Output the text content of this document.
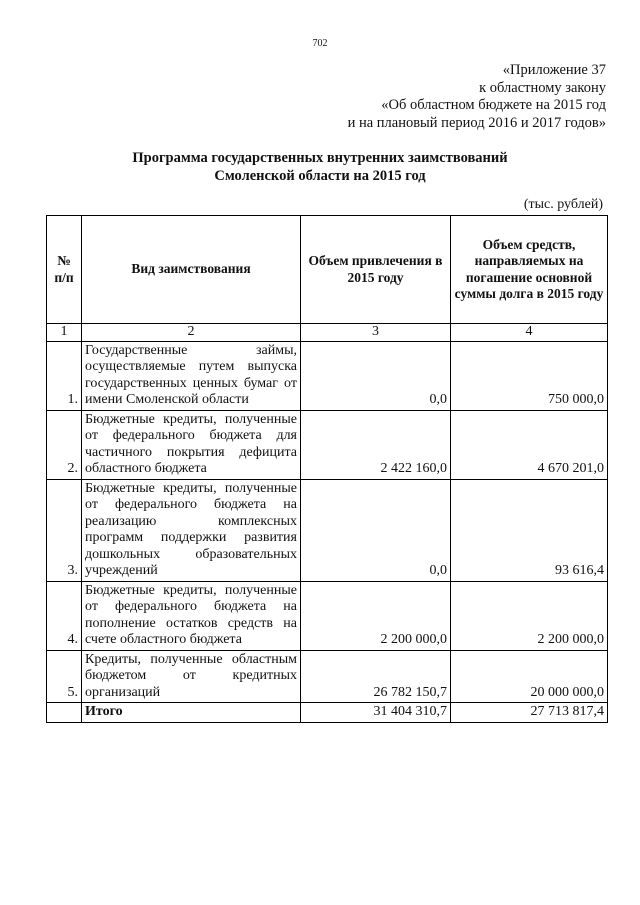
702
«Приложение 37
к областному закону
«Об областном бюджете на 2015 год
и на плановый период 2016 и 2017 годов»
Программа государственных внутренних заимствований
Смоленской области на 2015 год
(тыс. рублей)
№ п/п	Вид заимствования	Объем привлечения в 2015 году	Объем средств, направляемых на погашение основной суммы долга в 2015 году
1	2	3	4
1.	Государственные займы, осуществляемые путем выпуска государственных ценных бумаг от имени Смоленской области	0,0	750 000,0
2.	Бюджетные кредиты, полученные от федерального бюджета для частичного покрытия дефицита областного бюджета	2 422 160,0	4 670 201,0
3.	Бюджетные кредиты, полученные от федерального бюджета на реализацию комплексных программ поддержки развития дошкольных образовательных учреждений	0,0	93 616,4
4.	Бюджетные кредиты, полученные от федерального бюджета на пополнение остатков средств на счете областного бюджета	2 200 000,0	2 200 000,0
5.	Кредиты, полученные областным бюджетом от кредитных организаций	26 782 150,7	20 000 000,0
	Итого	31 404 310,7	27 713 817,4
